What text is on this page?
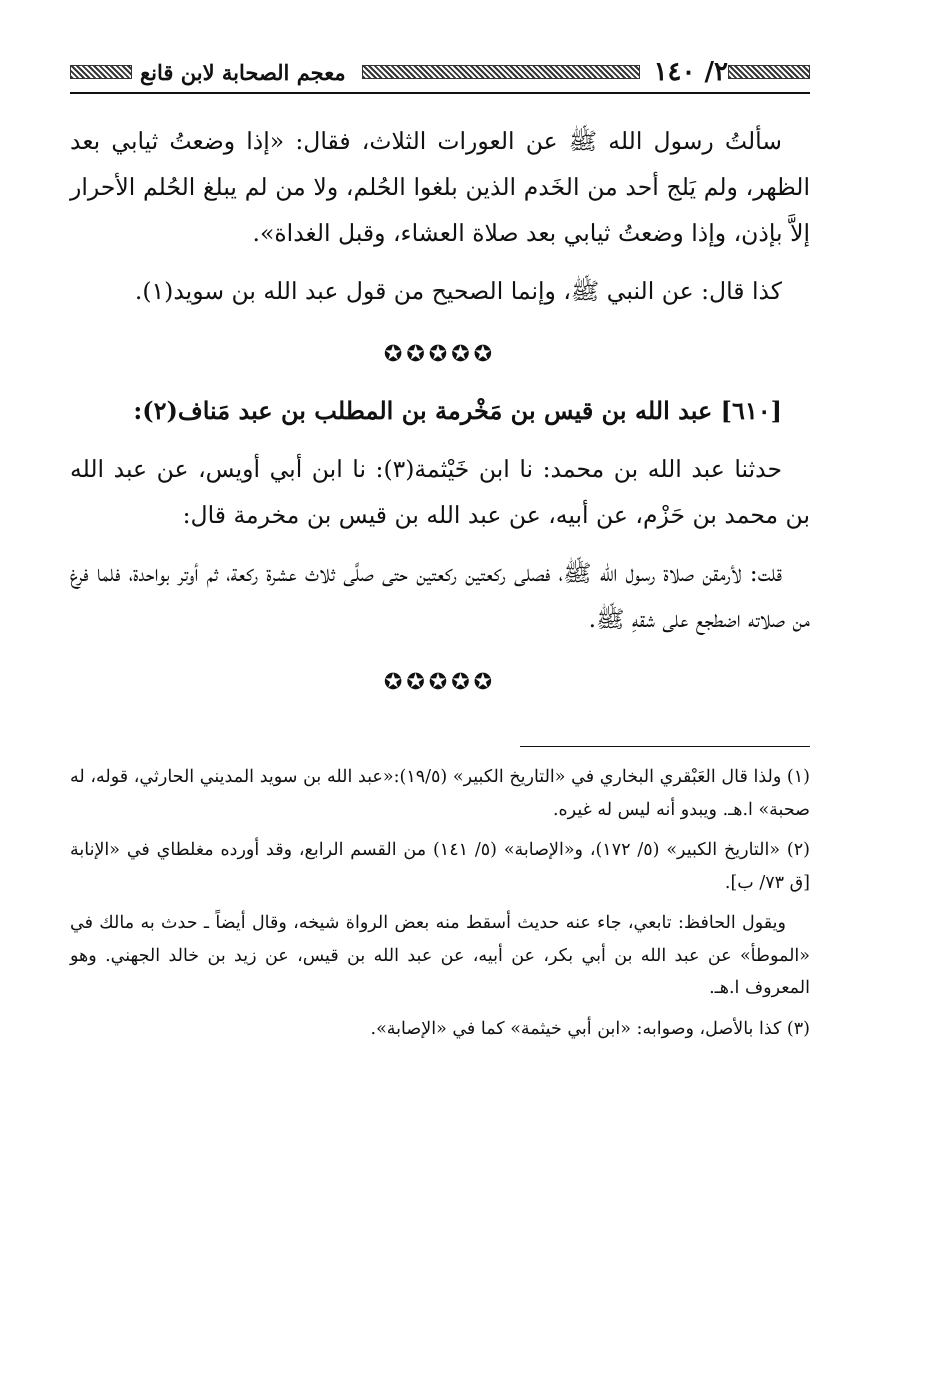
٢/ ١٤٠
معجم الصحابة لابن قانع

سألتُ رسول الله ﷺ عن العورات الثلاث، فقال: «إذا وضعتُ ثيابي بعد الظهر، ولم يَلج أحد من الخَدم الذين بلغوا الحُلم، ولا من لم يبلغ الحُلم الأحرار إلاَّ بإذن، وإذا وضعتُ ثيابي بعد صلاة العشاء، وقبل الغداة».

كذا قال: عن النبي ﷺ، وإنما الصحيح من قول عبد الله بن سويد(١).

✪✪✪✪✪

[٦١٠] عبد الله بن قيس بن مَخْرمة بن المطلب بن عبد مَناف(٢):

حدثنا عبد الله بن محمد: نا ابن خَيْثمة(٣): نا ابن أبي أويس، عن عبد الله بن محمد بن حَزْم، عن أبيه، عن عبد الله بن قيس بن مخرمة قال:

قلت: لأرمقن صلاة رسول الله ﷺ، فصلى ركعتين ركعتين حتى صلَّى ثلاث عشرة ركعة، ثم أوتر بواحدة، فلما فرغ من صلاته اضطجع على شقهِ ﷺ.

✪✪✪✪✪

(١) ولذا قال العَبْقري البخاري في «التاريخ الكبير» (١٩/٥):«عبد الله بن سويد المديني الحارثي، قوله، له صحبة» ا.هـ. ويبدو أنه ليس له غيره.

(٢) «التاريخ الكبير» (٥/ ١٧٢)، و«الإصابة» (٥/ ١٤١) من القسم الرابع، وقد أورده مغلطاي في «الإنابة [ق ٧٣/ ب].

ويقول الحافظ: تابعي، جاء عنه حديث أسقط منه بعض الرواة شيخه، وقال أيضاً ـ حدث به مالك في «الموطأ» عن عبد الله بن أبي بكر، عن أبيه، عن عبد الله بن قيس، عن زيد بن خالد الجهني. وهو المعروف ا.هـ.

(٣) كذا بالأصل، وصوابه: «ابن أبي خيثمة» كما في «الإصابة».
